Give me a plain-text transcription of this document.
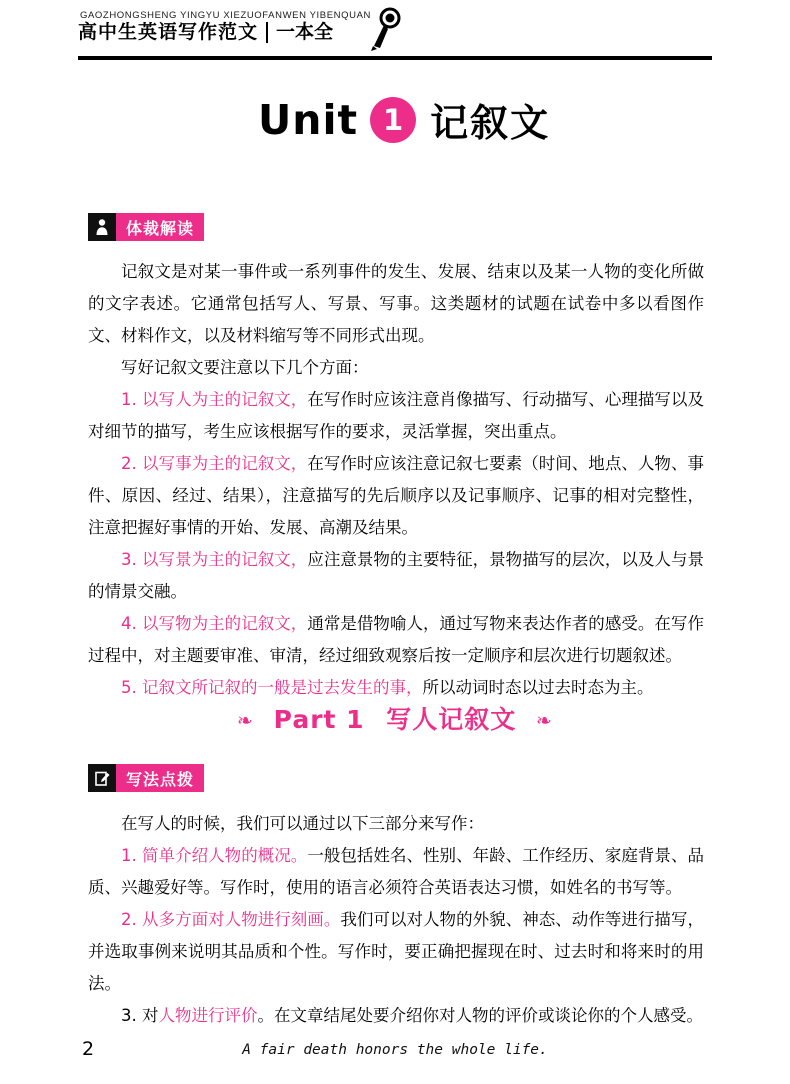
GAOZHONGSHENG YINGYU XIEZUOFANWEN YIBENQUAN
高中生英语写作范文 一本全
Unit 1 记叙文
体裁解读

记叙文是对某一事件或一系列事件的发生、发展、结束以及某一人物的变化所做的文字表述。它通常包括写人、写景、写事。这类题材的试题在试卷中多以看图作文、材料作文，以及材料缩写等不同形式出现。

写好记叙文要注意以下几个方面：

1. 以写人为主的记叙文，在写作时应该注意肖像描写、行动描写、心理描写以及对细节的描写，考生应该根据写作的要求，灵活掌握，突出重点。

2. 以写事为主的记叙文，在写作时应该注意记叙七要素（时间、地点、人物、事件、原因、经过、结果），注意描写的先后顺序以及记事顺序、记事的相对完整性，注意把握好事情的开始、发展、高潮及结果。

3. 以写景为主的记叙文，应注意景物的主要特征，景物描写的层次，以及人与景的情景交融。

4. 以写物为主的记叙文，通常是借物喻人，通过写物来表达作者的感受。在写作过程中，对主题要审准、审清，经过细致观察后按一定顺序和层次进行切题叙述。

5. 记叙文所记叙的一般是过去发生的事，所以动词时态以过去时态为主。

❧ Part 1 写人记叙文 ❧
写法点拨

在写人的时候，我们可以通过以下三部分来写作：

1. 简单介绍人物的概况。一般包括姓名、性别、年龄、工作经历、家庭背景、品质、兴趣爱好等。写作时，使用的语言必须符合英语表达习惯，如姓名的书写等。

2. 从多方面对人物进行刻画。我们可以对人物的外貌、神态、动作等进行描写，并选取事例来说明其品质和个性。写作时，要正确把握现在时、过去时和将来时的用法。

3. 对人物进行评价。在文章结尾处要介绍你对人物的评价或谈论你的个人感受。

2	A fair death honors the whole life.
